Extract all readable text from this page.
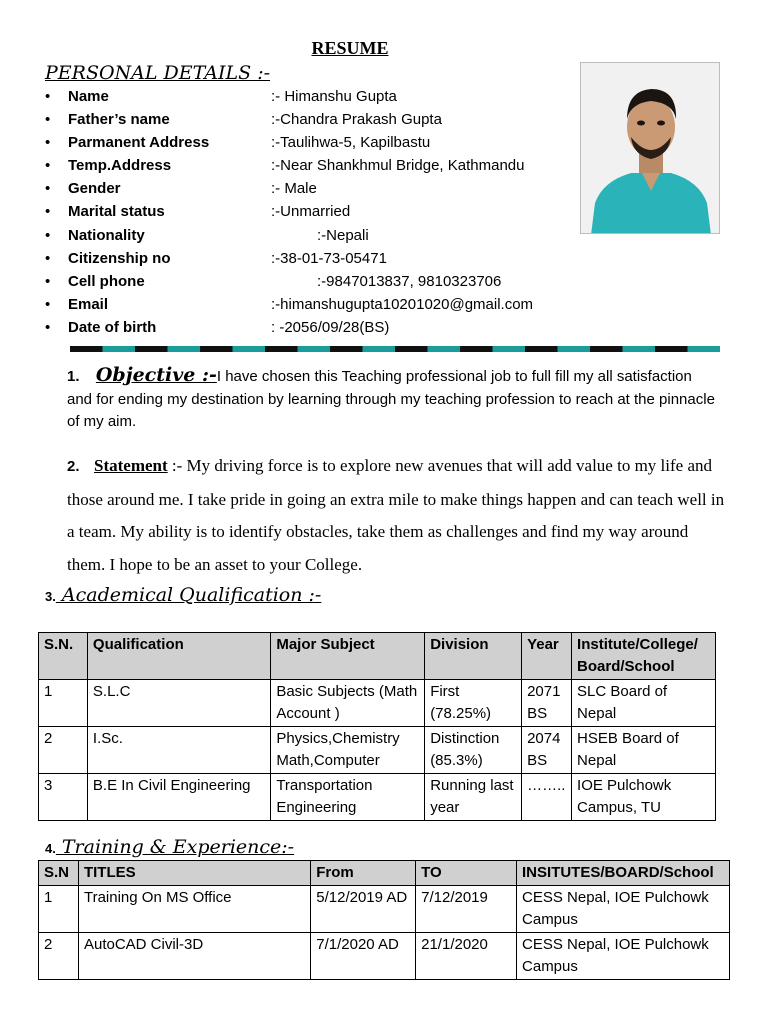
RESUME
PERSONAL DETAILS :-
• Name	:- Himanshu Gupta
• Father’s name	:-Chandra Prakash Gupta
• Parmanent Address	:-Taulihwa-5, Kapilbastu
• Temp.Address	:-Near Shankhmul Bridge, Kathmandu
• Gender	:- Male
• Marital status	:-Unmarried
• Nationality	:-Nepali
• Citizenship no	:-38-01-73-05471
• Cell phone	:-9847013837, 9810323706
• Email	:-himanshugupta10201020@gmail.com
• Date of birth	: -2056/09/28(BS)
1. Objective :-I have chosen this Teaching professional job to full fill my all satisfaction and for ending my destination by learning through my teaching profession to reach at the pinnacle of my aim.
2. Statement :- My driving force is to explore new avenues that will add value to my life and those around me. I take pride in going an extra mile to make things happen and can teach well in a team. My ability is to identify obstacles, take them as challenges and find my way around them. I hope to be an asset to your College.
3. Academical Qualification :-
S.N.	Qualification	Major Subject	Division	Year	Institute/College/ Board/School
1	S.L.C	Basic Subjects (Math Account )	First (78.25%)	2071 BS	SLC Board of Nepal
2	I.Sc.	Physics,Chemistry Math,Computer	Distinction (85.3%)	2074 BS	HSEB Board of Nepal
3	B.E In Civil Engineering	Transportation Engineering	Running last year	……..	IOE Pulchowk Campus, TU
4. Training & Experience:-
S.N	TITLES	From	TO	INSITUTES/BOARD/School
1	Training On MS Office	5/12/2019 AD	7/12/2019	CESS Nepal, IOE Pulchowk Campus
2	AutoCAD Civil-3D	7/1/2020 AD	21/1/2020	CESS Nepal, IOE Pulchowk Campus
